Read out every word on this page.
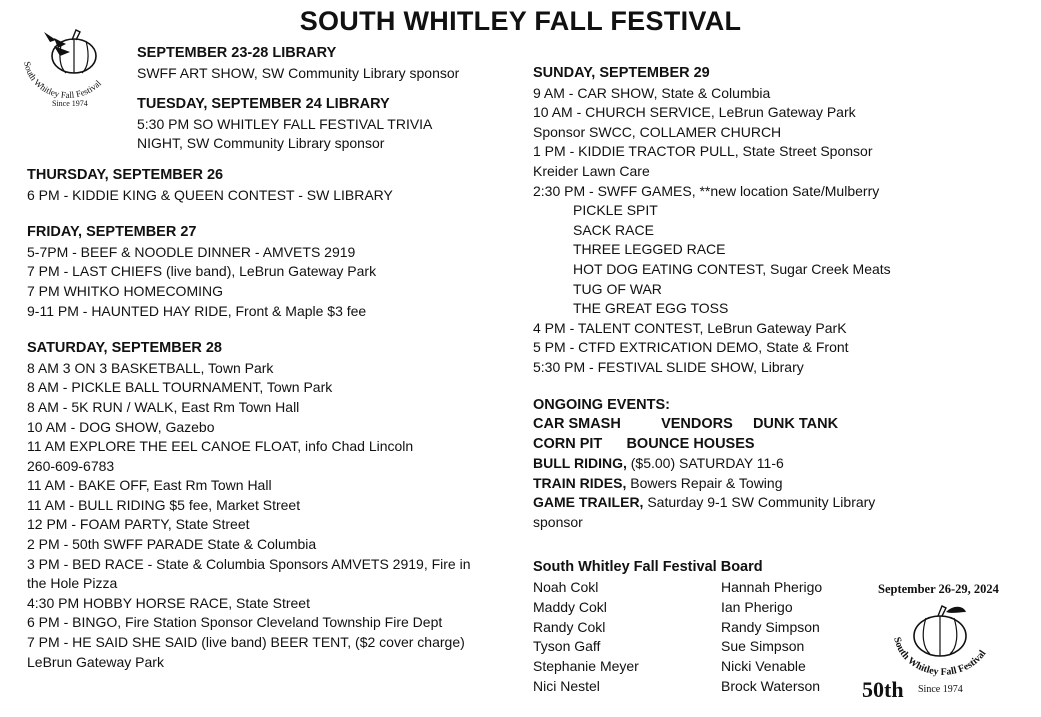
SOUTH WHITLEY FALL FESTIVAL
South Whitley Fall Festival
Since 1974
SEPTEMBER 23-28 LIBRARY
SWFF ART SHOW, SW Community Library sponsor
TUESDAY, SEPTEMBER 24 LIBRARY
5:30 PM SO WHITLEY FALL FESTIVAL TRIVIA
NIGHT, SW Community Library sponsor
THURSDAY, SEPTEMBER 26
6 PM - KIDDIE KING & QUEEN CONTEST - SW LIBRARY
FRIDAY, SEPTEMBER 27
5-7PM - BEEF & NOODLE DINNER - AMVETS 2919
7 PM - LAST CHIEFS (live band), LeBrun Gateway Park
7 PM WHITKO HOMECOMING
9-11 PM - HAUNTED HAY RIDE, Front & Maple $3 fee
SATURDAY, SEPTEMBER 28
8 AM 3 ON 3 BASKETBALL, Town Park
8 AM - PICKLE BALL TOURNAMENT, Town Park
8 AM - 5K RUN / WALK, East Rm Town Hall
10 AM - DOG SHOW, Gazebo
11 AM EXPLORE THE EEL CANOE FLOAT, info Chad Lincoln
260-609-6783
11 AM - BAKE OFF, East Rm Town Hall
11 AM - BULL RIDING $5 fee, Market Street
12 PM - FOAM PARTY, State Street
2 PM - 50th SWFF PARADE State & Columbia
3 PM - BED RACE - State & Columbia Sponsors AMVETS 2919, Fire in
the Hole Pizza
4:30 PM HOBBY HORSE RACE, State Street
6 PM - BINGO, Fire Station Sponsor Cleveland Township Fire Dept
7 PM - HE SAID SHE SAID (live band) BEER TENT, ($2 cover charge)
LeBrun Gateway Park
SUNDAY, SEPTEMBER 29
9 AM - CAR SHOW, State & Columbia
10 AM - CHURCH SERVICE, LeBrun Gateway Park
Sponsor SWCC, COLLAMER CHURCH
1 PM - KIDDIE TRACTOR PULL, State Street Sponsor
Kreider Lawn Care
2:30 PM - SWFF GAMES, **new location Sate/Mulberry
PICKLE SPIT
SACK RACE
THREE LEGGED RACE
HOT DOG EATING CONTEST, Sugar Creek Meats
TUG OF WAR
THE GREAT EGG TOSS
4 PM - TALENT CONTEST, LeBrun Gateway ParK
5 PM - CTFD EXTRICATION DEMO, State & Front
5:30 PM - FESTIVAL SLIDE SHOW, Library
ONGOING EVENTS:
CAR SMASH          VENDORS     DUNK TANK
CORN PIT      BOUNCE HOUSES
BULL RIDING, ($5.00) SATURDAY 11-6
TRAIN RIDES, Bowers Repair & Towing
GAME TRAILER, Saturday 9-1 SW Community Library
sponsor
South Whitley Fall Festival Board
Noah Cokl
Maddy Cokl
Randy Cokl
Tyson Gaff
Stephanie Meyer
Nici Nestel
Hannah Pherigo
Ian Pherigo
Randy Simpson
Sue Simpson
Nicki Venable
Brock Waterson
September 26-29, 2024
South Whitley Fall Festival
50th Since 1974
